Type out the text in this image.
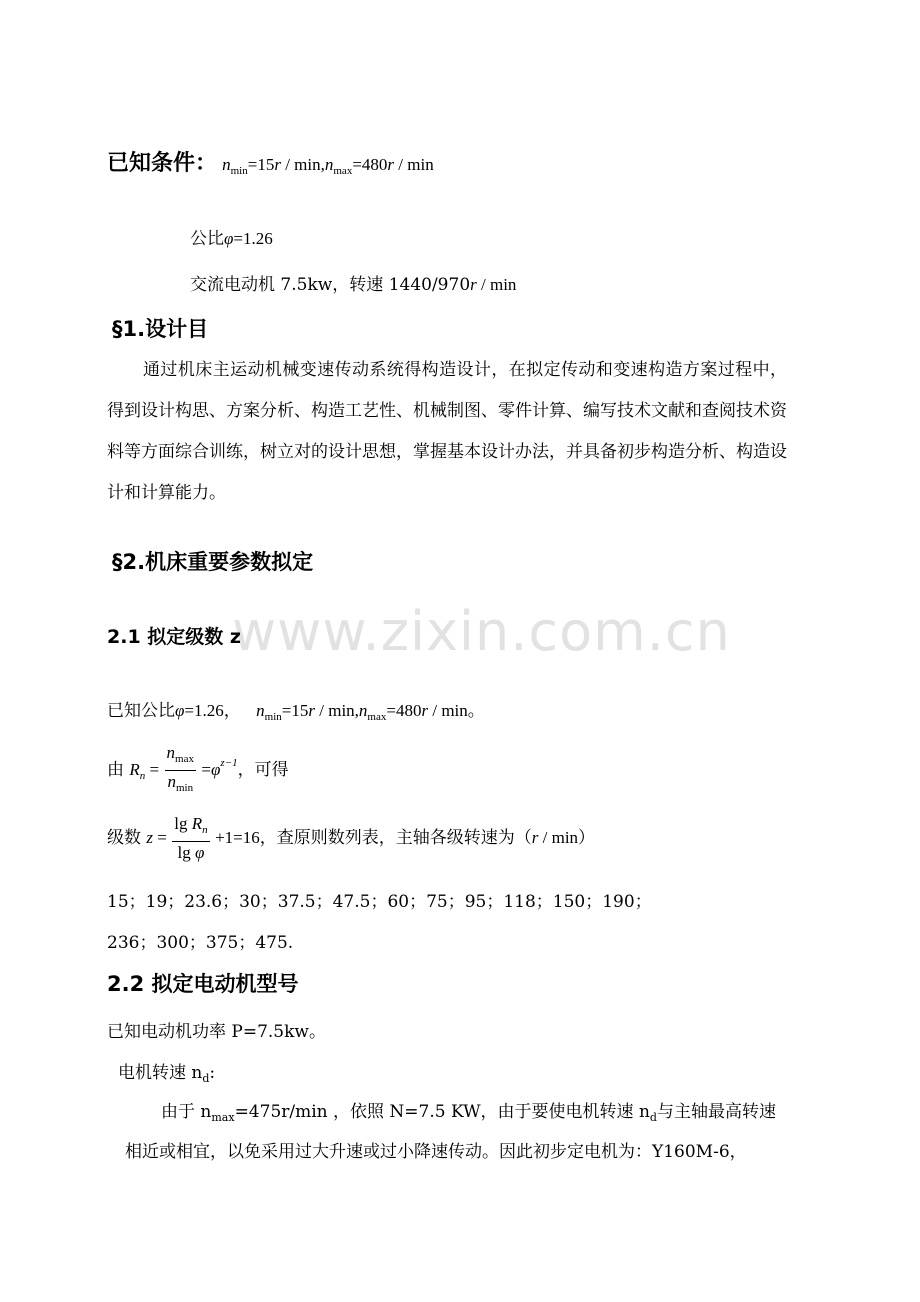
www.zixin.com.cn
已知条件： $n_{min}=15r / \min,n_{max}=480r / \min$
公比φ=1.26
交流电动机 7.5kw，转速 1440/970r / min
§1.设计目
通过机床主运动机械变速传动系统得构造设计，在拟定传动和变速构造方案过程中，得到设计构思、方案分析、构造工艺性、机械制图、零件计算、编写技术文献和查阅技术资料等方面综合训练，树立对的设计思想，掌握基本设计办法，并具备初步构造分析、构造设计和计算能力。
§2.机床重要参数拟定
2.1 拟定级数 z
已知公比φ=1.26， $n_{min}=15r / \min,n_{max}=480r / \min$。
由 $R_n = \frac{n_{max}}{n_{min}} =\varphi^{z-1}$，可得
级数 $z = \frac{\lg R_n}{\text{lg φ}} +1=16$，查原则数列表，主轴各级转速为（r / min）
15；19；23.6；30；37.5；47.5；60；75；95；118；150；190；
236；300；375；475.
2.2 拟定电动机型号
已知电动机功率 P=7.5kw。
电机转速 $n_d$:
由于 $n_{max}=475r/\min$ ，依照 N=7.5 KW，由于要使电机转速 $n_d$与主轴最高转速
相近或相宜，以免采用过大升速或过小降速传动。因此初步定电机为：Y160M-6，
